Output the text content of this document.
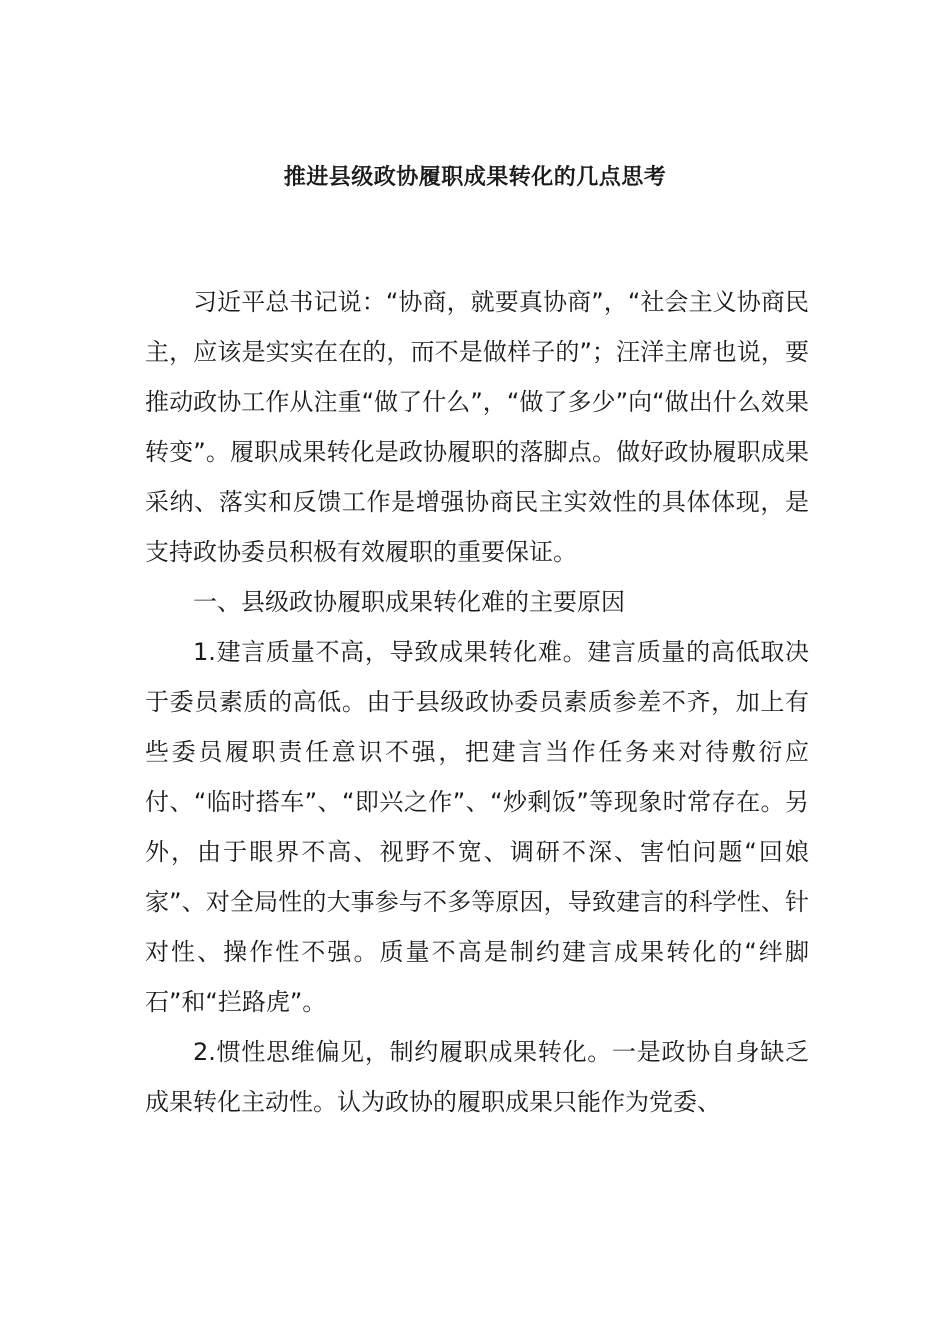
推进县级政协履职成果转化的几点思考

习近平总书记说：“协商，就要真协商”，“社会主义协商民主，应该是实实在在的，而不是做样子的”；汪洋主席也说，要推动政协工作从注重“做了什么”，“做了多少”向“做出什么效果转变”。履职成果转化是政协履职的落脚点。做好政协履职成果采纳、落实和反馈工作是增强协商民主实效性的具体体现，是支持政协委员积极有效履职的重要保证。

一、县级政协履职成果转化难的主要原因

1.建言质量不高，导致成果转化难。建言质量的高低取决于委员素质的高低。由于县级政协委员素质参差不齐，加上有些委员履职责任意识不强，把建言当作任务来对待敷衍应付、“临时搭车”、“即兴之作”、“炒剩饭”等现象时常存在。另外，由于眼界不高、视野不宽、调研不深、害怕问题“回娘家”、对全局性的大事参与不多等原因，导致建言的科学性、针对性、操作性不强。质量不高是制约建言成果转化的“绊脚石”和“拦路虎”。

2.惯性思维偏见，制约履职成果转化。一是政协自身缺乏成果转化主动性。认为政协的履职成果只能作为党委、
